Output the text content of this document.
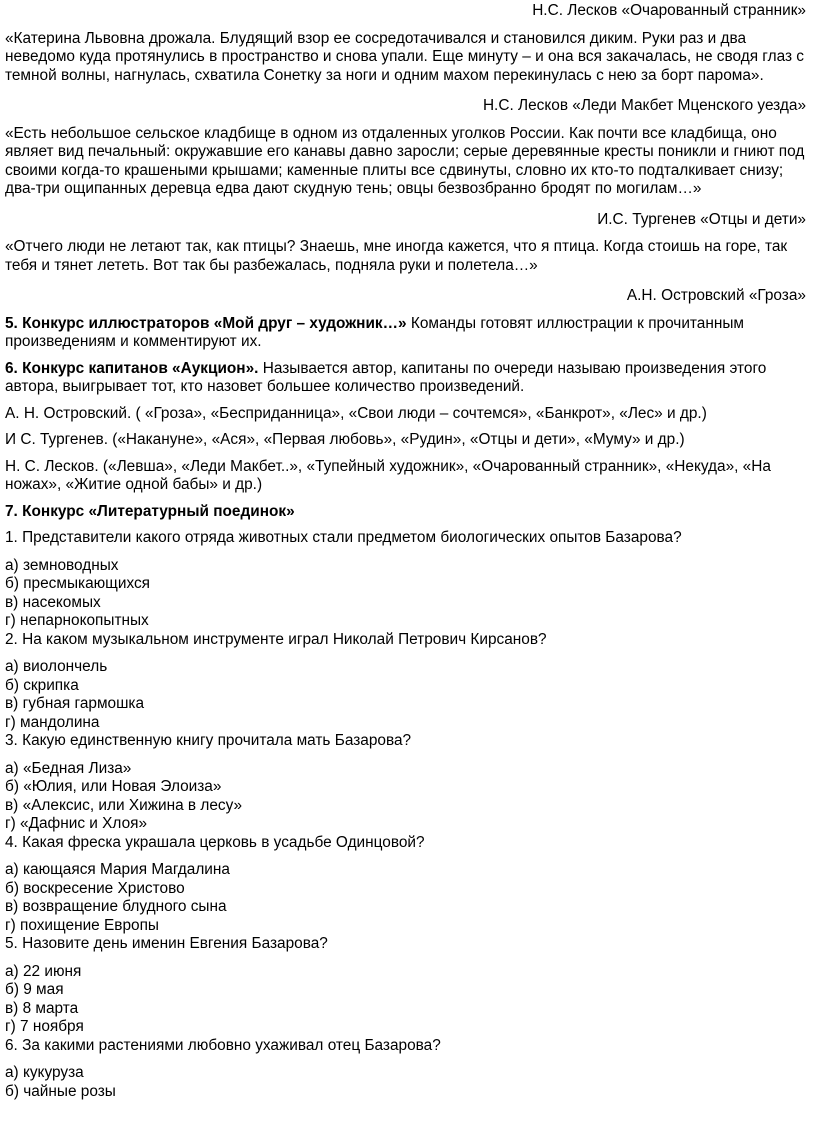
Н.С. Лесков «Очарованный странник»

«Катерина Львовна дрожала. Блудящий взор ее сосредотачивался и становился диким. Руки раз и два неведомо куда протянулись в пространство и снова упали. Еще минуту – и она вся закачалась, не сводя глаз с темной волны, нагнулась, схватила Сонетку за ноги и одним махом перекинулась с нею за борт парома».

Н.С. Лесков «Леди Макбет Мценского уезда»

«Есть небольшое сельское кладбище в одном из отдаленных уголков России. Как почти все кладбища, оно являет вид печальный: окружавшие его канавы давно заросли; серые деревянные кресты поникли и гниют под своими когда-то крашеными крышами; каменные плиты все сдвинуты, словно их кто-то подталкивает снизу; два-три ощипанных деревца едва дают скудную тень; овцы безвозбранно бродят по могилам…»

И.С. Тургенев «Отцы и дети»

«Отчего люди не летают так, как птицы? Знаешь, мне иногда кажется, что я птица. Когда стоишь на горе, так тебя и тянет лететь. Вот так бы разбежалась, подняла руки и полетела…»

А.Н. Островский «Гроза»

5. Конкурс иллюстраторов «Мой друг – художник…» Команды готовят иллюстрации к прочитанным произведениям и комментируют их.

6. Конкурс капитанов «Аукцион». Называется автор, капитаны по очереди называю произведения этого автора, выигрывает тот, кто назовет большее количество произведений.

А. Н. Островский. ( «Гроза», «Бесприданница», «Свои люди – сочтемся», «Банкрот», «Лес» и др.)

И С. Тургенев. («Накануне», «Ася», «Первая любовь», «Рудин», «Отцы и дети», «Муму» и др.)

Н. С. Лесков. («Левша», «Леди Макбет..», «Тупейный художник», «Очарованный странник», «Некуда», «На ножах», «Житие одной бабы» и др.)

7. Конкурс «Литературный поединок»

1. Представители какого отряда животных стали предметом биологических опытов Базарова?

а) земноводных

б) пресмыкающихся

в) насекомых

г) непарнокопытных

2. На каком музыкальном инструменте играл Николай Петрович Кирсанов?

а) виолончель

б) скрипка

в) губная гармошка

г) мандолина

3. Какую единственную книгу прочитала мать Базарова?

а) «Бедная Лиза»

б) «Юлия, или Новая Элоиза»

в) «Алексис, или Хижина в лесу»

г) «Дафнис и Хлоя»

4. Какая фреска украшала церковь в усадьбе Одинцовой?

а) кающаяся Мария Магдалина

б) воскресение Христово

в) возвращение блудного сына

г) похищение Европы

5. Назовите день именин Евгения Базарова?

а) 22 июня

б) 9 мая

в) 8 марта

г) 7 ноября

6. За какими растениями любовно ухаживал отец Базарова?

а) кукуруза

б) чайные розы
